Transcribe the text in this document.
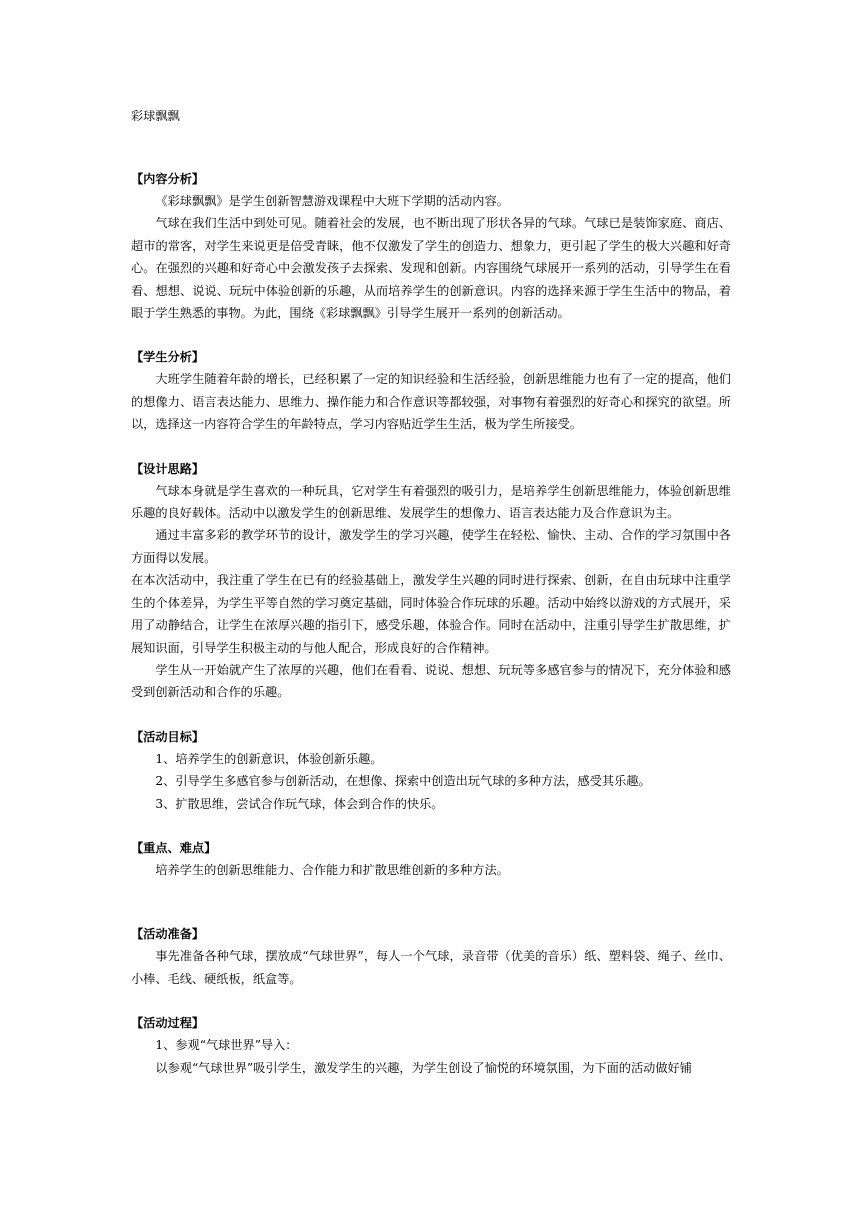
彩球飘飘

【内容分析】

《彩球飘飘》是学生创新智慧游戏课程中大班下学期的活动内容。

气球在我们生活中到处可见。随着社会的发展，也不断出现了形状各异的气球。气球已是装饰家庭、商店、超市的常客，对学生来说更是倍受青睐，他不仅激发了学生的创造力、想象力，更引起了学生的极大兴趣和好奇心。在强烈的兴趣和好奇心中会激发孩子去探索、发现和创新。内容围绕气球展开一系列的活动，引导学生在看看、想想、说说、玩玩中体验创新的乐趣，从而培养学生的创新意识。内容的选择来源于学生生活中的物品，着眼于学生熟悉的事物。为此，围绕《彩球飘飘》引导学生展开一系列的创新活动。

【学生分析】

大班学生随着年龄的增长，已经积累了一定的知识经验和生活经验，创新思维能力也有了一定的提高，他们的想像力、语言表达能力、思维力、操作能力和合作意识等都较强，对事物有着强烈的好奇心和探究的欲望。所以，选择这一内容符合学生的年龄特点，学习内容贴近学生生活，极为学生所接受。

【设计思路】

气球本身就是学生喜欢的一种玩具，它对学生有着强烈的吸引力，是培养学生创新思维能力，体验创新思维乐趣的良好载体。活动中以激发学生的创新思维、发展学生的想像力、语言表达能力及合作意识为主。

通过丰富多彩的教学环节的设计，激发学生的学习兴趣，使学生在轻松、愉快、主动、合作的学习氛围中各方面得以发展。

在本次活动中，我注重了学生在已有的经验基础上，激发学生兴趣的同时进行探索、创新，在自由玩球中注重学生的个体差异，为学生平等自然的学习奠定基础，同时体验合作玩球的乐趣。活动中始终以游戏的方式展开，采用了动静结合，让学生在浓厚兴趣的指引下，感受乐趣，体验合作。同时在活动中，注重引导学生扩散思维，扩展知识面，引导学生积极主动的与他人配合，形成良好的合作精神。

学生从一开始就产生了浓厚的兴趣，他们在看看、说说、想想、玩玩等多感官参与的情况下，充分体验和感受到创新活动和合作的乐趣。

【活动目标】

1、培养学生的创新意识，体验创新乐趣。

2、引导学生多感官参与创新活动，在想像、探索中创造出玩气球的多种方法，感受其乐趣。

3、扩散思维，尝试合作玩气球，体会到合作的快乐。

【重点、难点】

培养学生的创新思维能力、合作能力和扩散思维创新的多种方法。

【活动准备】

事先准备各种气球，摆放成“气球世界”，每人一个气球，录音带（优美的音乐）纸、塑料袋、绳子、丝巾、小棒、毛线、硬纸板，纸盒等。

【活动过程】

1、参观“气球世界”导入：

以参观“气球世界”吸引学生，激发学生的兴趣，为学生创设了愉悦的环境氛围，为下面的活动做好铺
